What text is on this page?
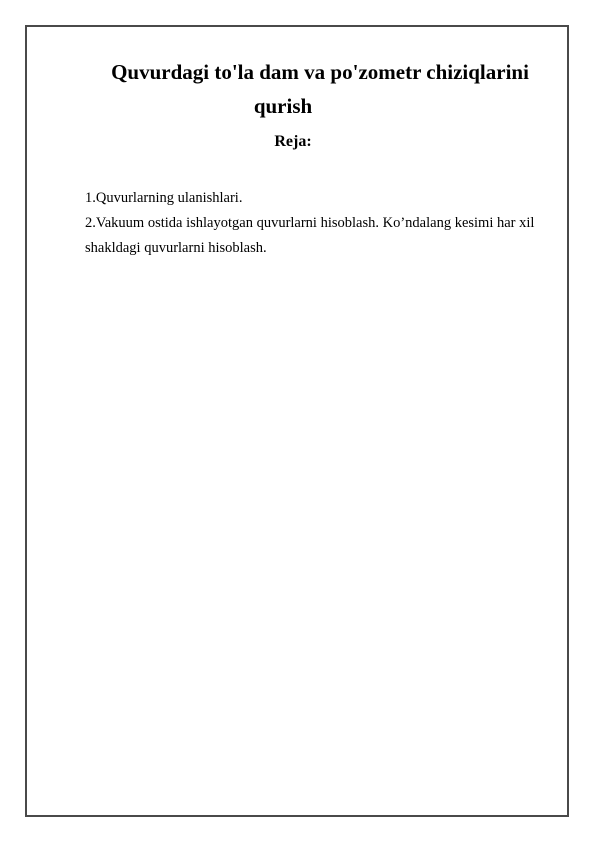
Quvurdagi to'la dam va po'zometr chiziqlarini
qurish
Reja:
1.Quvurlarning ulanishlari.
2.Vakuum ostida ishlayotgan quvurlarni hisoblash. Ko’ndalang kesimi har xil shakldagi quvurlarni hisoblash.
